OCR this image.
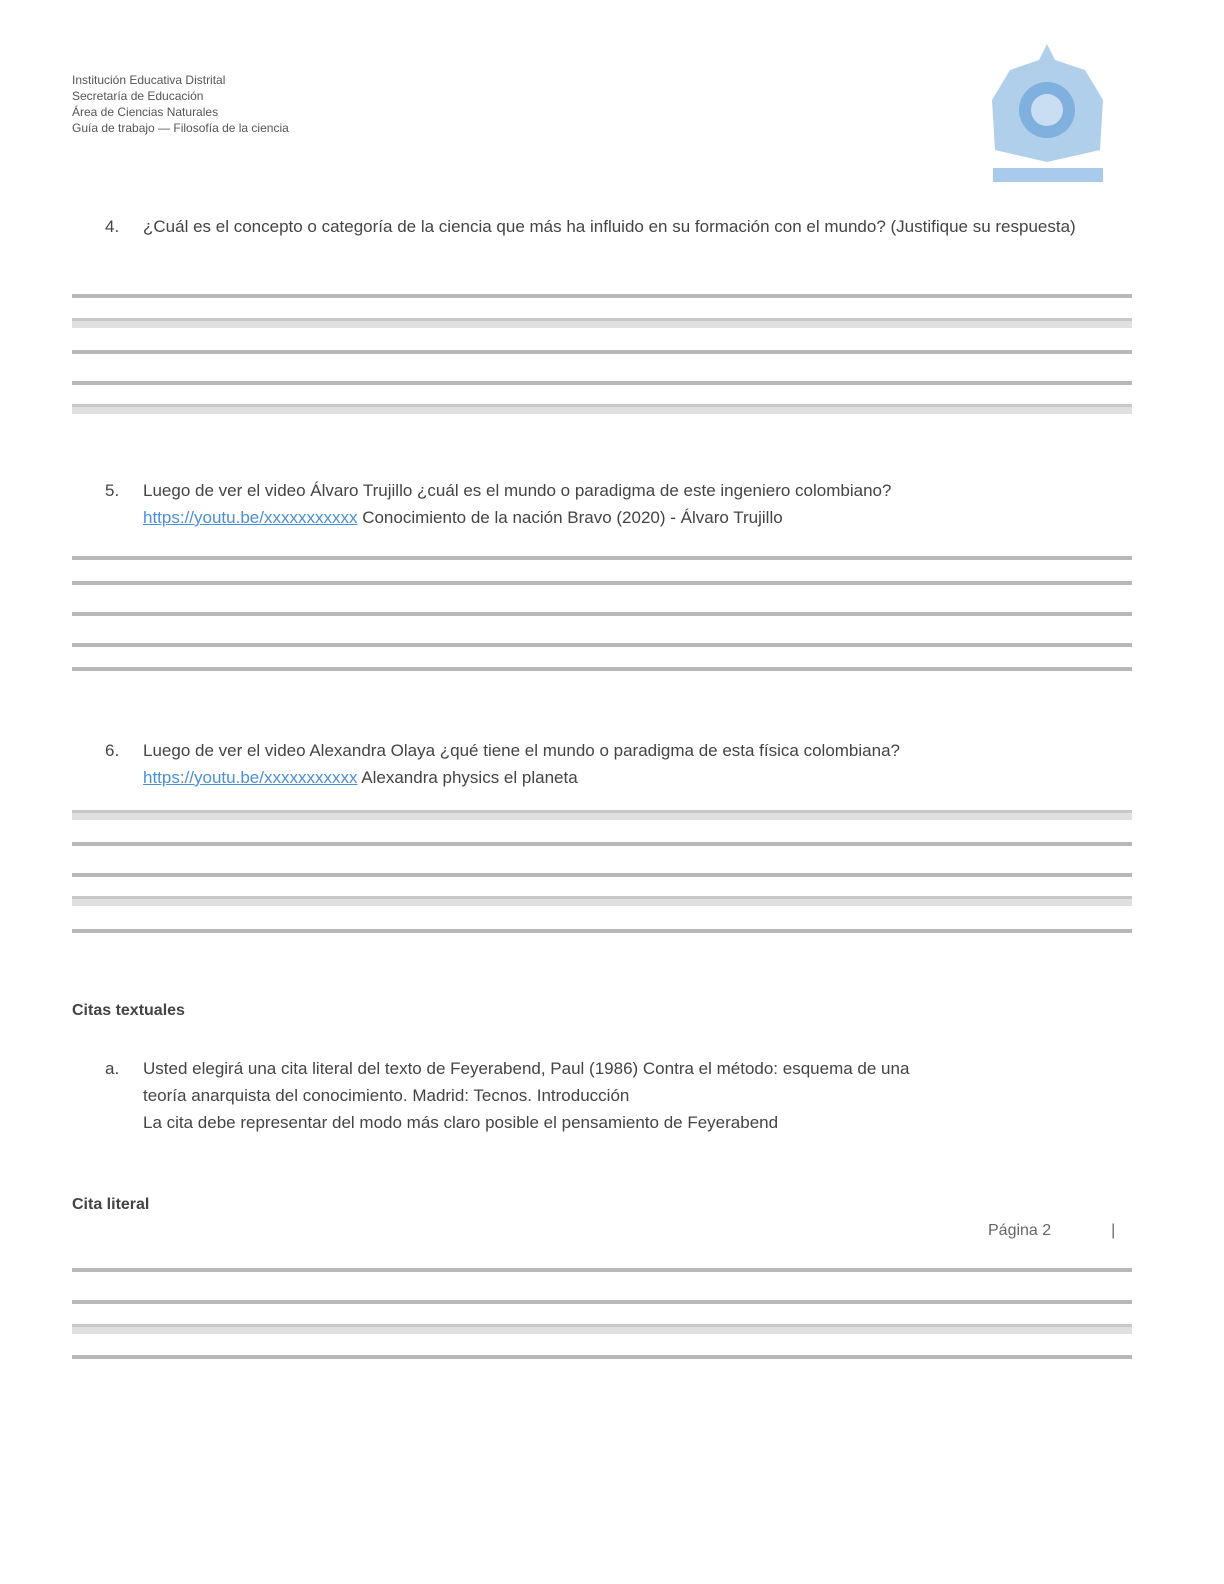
Institución Educativa Distrital
Secretaría de Educación
Área de Ciencias Naturales
Guía de trabajo — Filosofía de la ciencia
4. ¿Cuál es el concepto o categoría de la ciencia que más ha influido en su formación con el mundo? (Justifique su respuesta)
5. Luego de ver el video Álvaro Trujillo ¿cuál es el mundo o paradigma de este ingeniero colombiano?
https://youtu.be/xxxxxxxxxxx Conocimiento de la nación Bravo (2020) - Álvaro Trujillo
6. Luego de ver el video Alexandra Olaya ¿qué tiene el mundo o paradigma de esta física colombiana?
https://youtu.be/xxxxxxxxxxx Alexandra physics el planeta
Citas textuales
a. Usted elegirá una cita literal del texto de Feyerabend, Paul (1986) Contra el método: esquema de una
teoría anarquista del conocimiento. Madrid: Tecnos. Introducción
La cita debe representar del modo más claro posible el pensamiento de Feyerabend
Cita literal
Página 2	|
